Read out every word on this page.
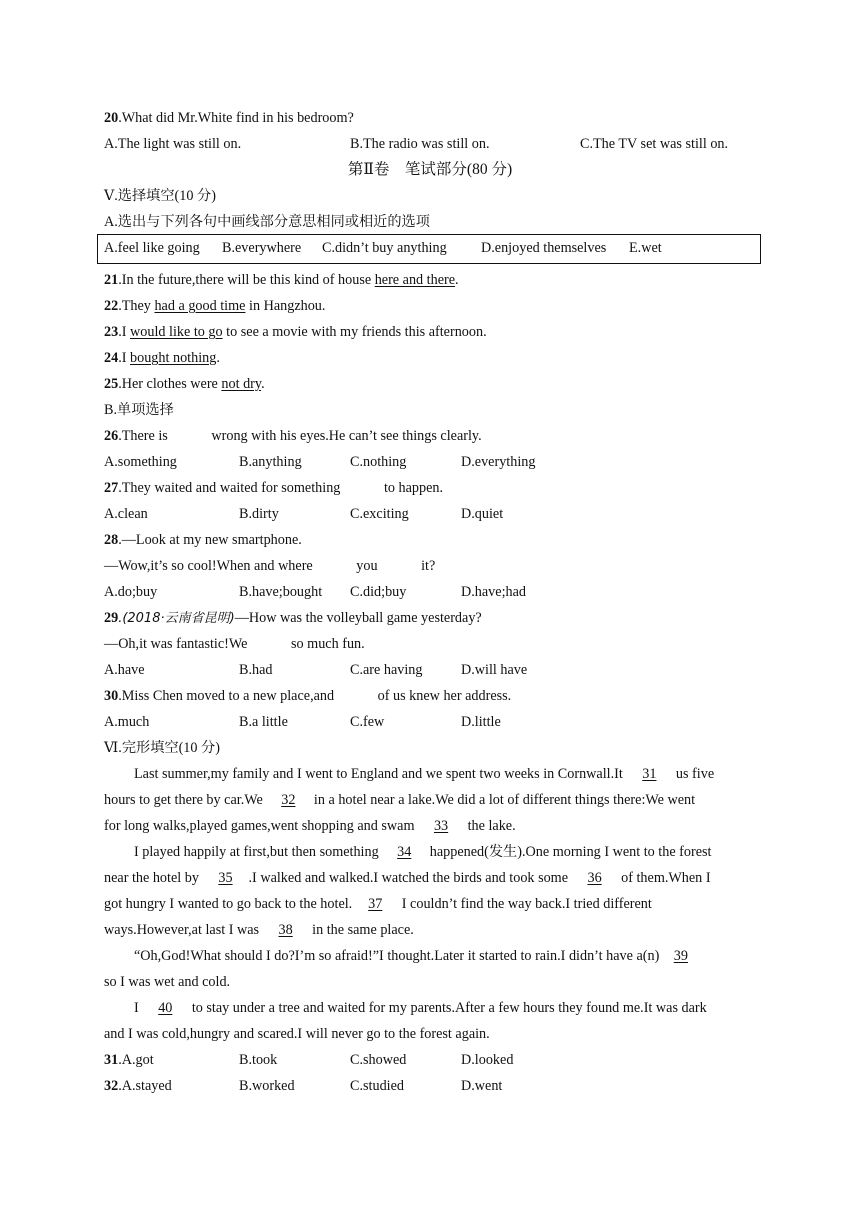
20.What did Mr.White find in his bedroom?
A.The light was still on.	B.The radio was still on.	C.The TV set was still on.
第Ⅱ卷　笔试部分(80 分)
Ⅴ.选择填空(10 分)
A.选出与下列各句中画线部分意思相同或相近的选项
A.feel like going B.everywhere C.didn’t buy anything D.enjoyed themselves E.wet
21.In the future,there will be this kind of house here and there.
22.They had a good time in Hangzhou.
23.I would like to go to see a movie with my friends this afternoon.
24.I bought nothing.
25.Her clothes were not dry.
B.单项选择
26.There is	wrong with his eyes.He can’t see things clearly.
A.something	B.anything	C.nothing	D.everything
27.They waited and waited for something	to happen.
A.clean	B.dirty	C.exciting	D.quiet
28.—Look at my new smartphone.
—Wow,it’s so cool!When and where	you	it?
A.do;buy	B.have;bought C.did;buy	D.have;had
29.(2018·云南省昆明)—How was the volleyball game yesterday?
—Oh,it was fantastic!We	so much fun.
A.have	B.had	C.are having	D.will have
30.Miss Chen moved to a new place,and	of us knew her address.
A.much	B.a little	C.few	D.little
Ⅵ.完形填空(10 分)
Last summer,my family and I went to England and we spent two weeks in Cornwall.It 31 us five
hours to get there by car.We 32 in a hotel near a lake.We did a lot of different things there:We went
for long walks,played games,went shopping and swam 33 the lake.
I played happily at first,but then something 34 happened(发生).One morning I went to the forest
near the hotel by 35 .I walked and walked.I watched the birds and took some 36 of them.When I
got hungry I wanted to go back to the hotel. 37 I couldn’t find the way back.I tried different
ways.However,at last I was 38 in the same place.
“Oh,God!What should I do?I’m so afraid!”I thought.Later it started to rain.I didn’t have a(n) 39
so I was wet and cold.
I 40 to stay under a tree and waited for my parents.After a few hours they found me.It was dark
and I was cold,hungry and scared.I will never go to the forest again.
31.A.got	B.took	C.showed	D.looked
32.A.stayed	B.worked	C.studied	D.went
